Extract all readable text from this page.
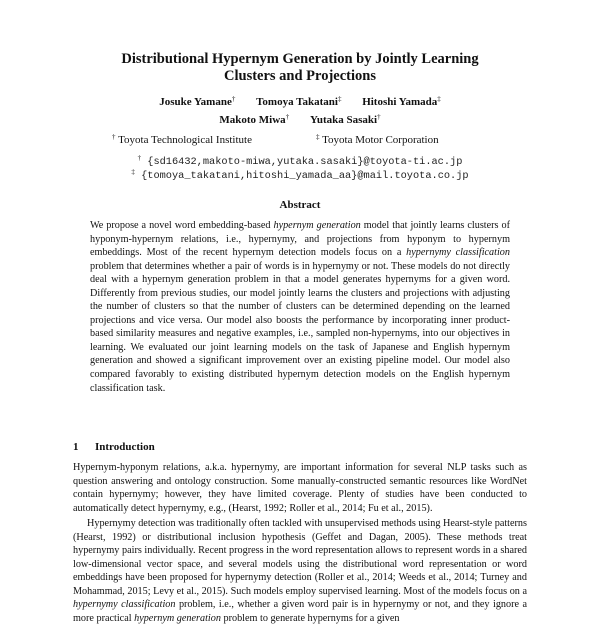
Distributional Hypernym Generation by Jointly Learning
Clusters and Projections
Josuke Yamane† Tomoya Takatani‡ Hitoshi Yamada‡
Makoto Miwa† Yutaka Sasaki†
† Toyota Technological Institute	‡ Toyota Motor Corporation
† {sd16432,makoto-miwa,yutaka.sasaki}@toyota-ti.ac.jp
‡ {tomoya_takatani,hitoshi_yamada_aa}@mail.toyota.co.jp
Abstract
We propose a novel word embedding-based hypernym generation model that jointly learns clusters of hyponym-hypernym relations, i.e., hypernymy, and projections from hyponym to hypernym embeddings. Most of the recent hypernym detection models focus on a hypernymy classification problem that determines whether a pair of words is in hypernymy or not. These models do not directly deal with a hypernym generation problem in that a model generates hypernyms for a given word. Differently from previous studies, our model jointly learns the clusters and projections with adjusting the number of clusters so that the number of clusters can be determined depending on the learned projections and vice versa. Our model also boosts the performance by incorporating inner product-based similarity measures and negative examples, i.e., sampled non-hypernyms, into our objectives in learning. We evaluated our joint learning models on the task of Japanese and English hypernym generation and showed a significant improvement over an existing pipeline model. Our model also compared favorably to existing distributed hypernym detection models on the English hypernym classification task.
1 Introduction

Hypernym-hyponym relations, a.k.a. hypernymy, are important information for several NLP tasks such as question answering and ontology construction. Some manually-constructed semantic resources like WordNet contain hypernymy; however, they have limited coverage. Plenty of studies have been conducted to automatically detect hypernymy, e.g., (Hearst, 1992; Roller et al., 2014; Fu et al., 2015).

Hypernymy detection was traditionally often tackled with unsupervised methods using Hearst-style patterns (Hearst, 1992) or distributional inclusion hypothesis (Geffet and Dagan, 2005). These methods treat hypernymy pairs individually. Recent progress in the word representation allows to represent words in a shared low-dimensional vector space, and several models using the distributional word representation or word embeddings have been proposed for hypernymy detection (Roller et al., 2014; Weeds et al., 2014; Turney and Mohammad, 2015; Levy et al., 2015). Such models employ supervised learning. Most of the models focus on a hypernymy classification problem, i.e., whether a given word pair is in hypernymy or not, and they ignore a more practical hypernym generation problem to generate hypernyms for a given
